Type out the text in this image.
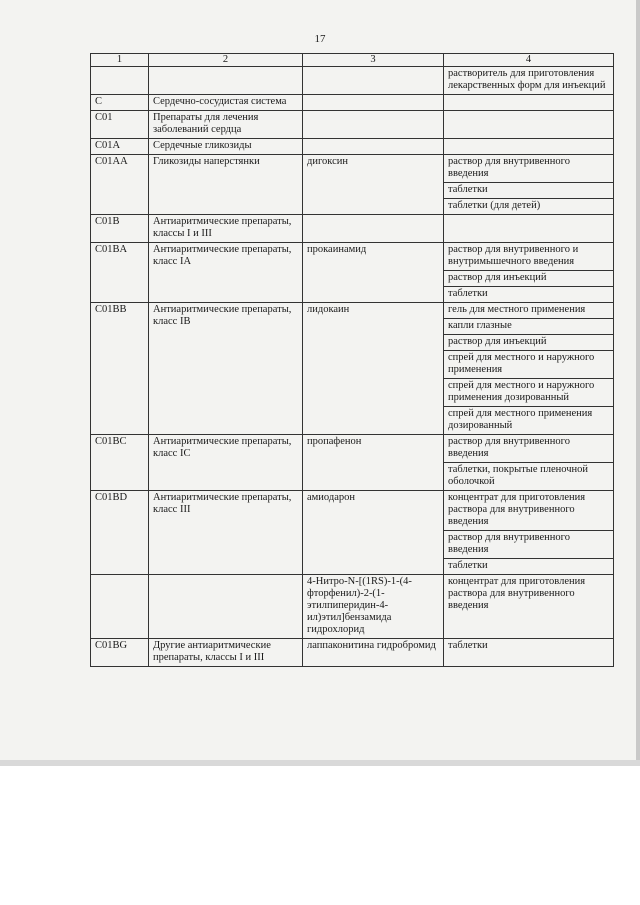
17
1	2	3	4
			растворитель для приготовления лекарственных форм для инъекций
C	Сердечно-сосудистая система		
C01	Препараты для лечения заболеваний сердца		
C01A	Сердечные гликозиды		
C01AA	Гликозиды наперстянки	дигоксин	раствор для внутривенного введения
			таблетки
			таблетки (для детей)
C01B	Антиаритмические препараты, классы I и III		
C01BA	Антиаритмические препараты, класс IA	прокаинамид	раствор для внутривенного и внутримышечного введения
			раствор для инъекций
			таблетки
C01BB	Антиаритмические препараты, класс IB	лидокаин	гель для местного применения
			капли глазные
			раствор для инъекций
			спрей для местного и наружного применения
			спрей для местного и наружного применения дозированный
			спрей для местного применения дозированный
C01BC	Антиаритмические препараты, класс IC	пропафенон	раствор для внутривенного введения
			таблетки, покрытые пленочной оболочкой
C01BD	Антиаритмические препараты, класс III	амиодарон	концентрат для приготовления раствора для внутривенного введения
			раствор для внутривенного введения
			таблетки
		4-Нитро-N-[(1RS)-1-(4-фторфенил)-2-(1-этилпиперидин-4-ил)этил]бензамида гидрохлорид	концентрат для приготовления раствора для внутривенного введения
C01BG	Другие антиаритмические препараты, классы I и III	лаппаконитина гидробромид	таблетки
